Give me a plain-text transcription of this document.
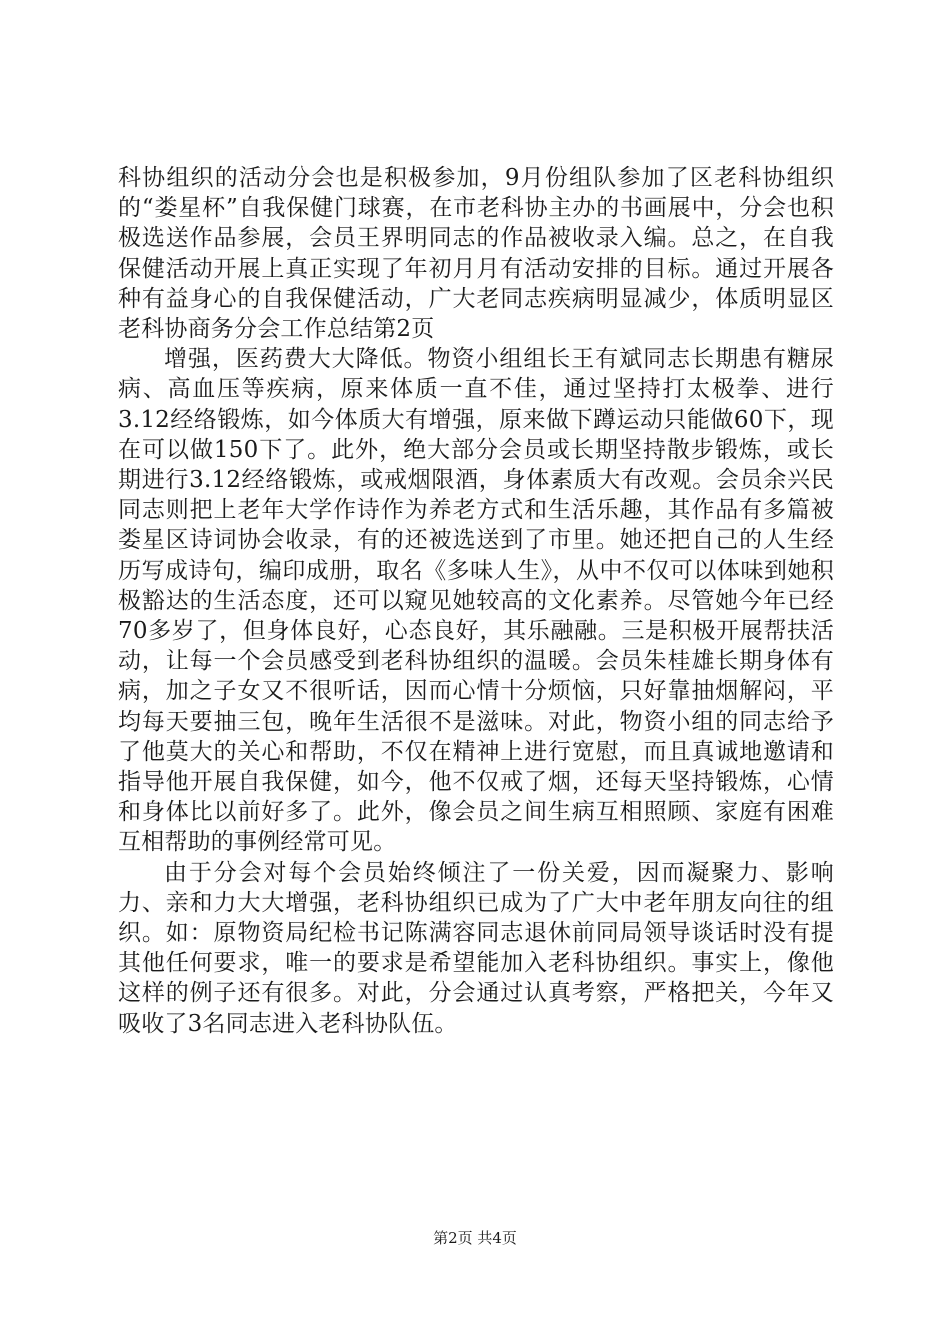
科协组织的活动分会也是积极参加，9月份组队参加了区老科协组织的“娄星杯”自我保健门球赛，在市老科协主办的书画展中，分会也积极选送作品参展，会员王界明同志的作品被收录入编。总之，在自我保健活动开展上真正实现了年初月月有活动安排的目标。通过开展各种有益身心的自我保健活动，广大老同志疾病明显减少，体质明显区老科协商务分会工作总结第2页

增强，医药费大大降低。物资小组组长王有斌同志长期患有糖尿病、高血压等疾病，原来体质一直不佳，通过坚持打太极拳、进行3.12经络锻炼，如今体质大有增强，原来做下蹲运动只能做60下，现在可以做150下了。此外，绝大部分会员或长期坚持散步锻炼，或长期进行3.12经络锻炼，或戒烟限酒，身体素质大有改观。会员余兴民同志则把上老年大学作诗作为养老方式和生活乐趣，其作品有多篇被娄星区诗词协会收录，有的还被选送到了市里。她还把自己的人生经历写成诗句，编印成册，取名《多味人生》，从中不仅可以体味到她积极豁达的生活态度，还可以窥见她较高的文化素养。尽管她今年已经70多岁了，但身体良好，心态良好，其乐融融。三是积极开展帮扶活动，让每一个会员感受到老科协组织的温暖。会员朱桂雄长期身体有病，加之子女又不很听话，因而心情十分烦恼，只好靠抽烟解闷，平均每天要抽三包，晚年生活很不是滋味。对此，物资小组的同志给予了他莫大的关心和帮助，不仅在精神上进行宽慰，而且真诚地邀请和指导他开展自我保健，如今，他不仅戒了烟，还每天坚持锻炼，心情和身体比以前好多了。此外，像会员之间生病互相照顾、家庭有困难互相帮助的事例经常可见。

由于分会对每个会员始终倾注了一份关爱，因而凝聚力、影响力、亲和力大大增强，老科协组织已成为了广大中老年朋友向往的组织。如：原物资局纪检书记陈满容同志退休前同局领导谈话时没有提其他任何要求，唯一的要求是希望能加入老科协组织。事实上，像他这样的例子还有很多。对此，分会通过认真考察，严格把关，今年又吸收了3名同志进入老科协队伍。

第2页 共4页
